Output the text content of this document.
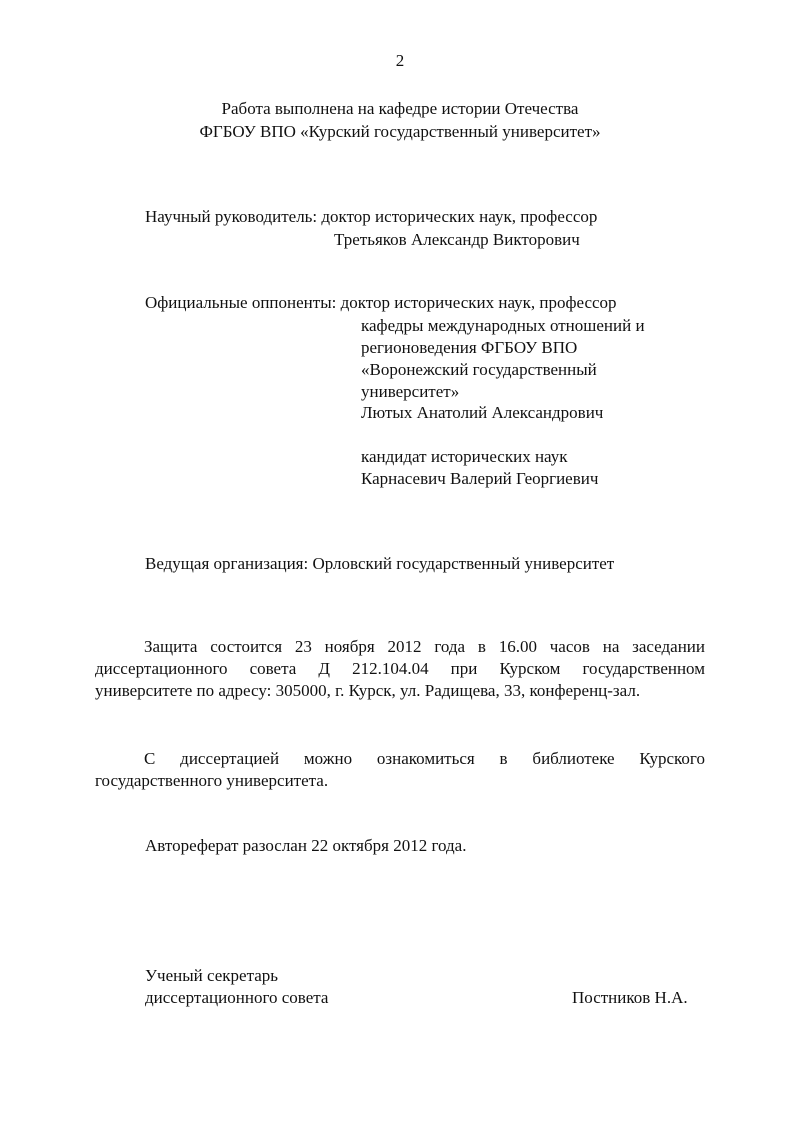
2
Работа выполнена на кафедре истории Отечества
ФГБОУ ВПО «Курский государственный университет»
Научный руководитель: доктор исторических наук, профессор
Третьяков Александр Викторович
Официальные оппоненты: доктор исторических наук, профессор
кафедры международных отношений и
регионоведения ФГБОУ ВПО
«Воронежский государственный
университет»
Лютых Анатолий Александрович
кандидат исторических наук
Карнасевич Валерий Георгиевич
Ведущая организация: Орловский государственный университет
Защита состоится 23 ноября 2012 года в 16.00 часов на заседании
диссертационного совета Д 212.104.04 при Курском государственном
университете по адресу: 305000, г. Курск, ул. Радищева, 33, конференц-зал.
С диссертацией можно ознакомиться в библиотеке Курского
государственного университета.
Автореферат разослан 22 октября 2012 года.
Ученый секретарь
диссертационного совета	Постников Н.А.
